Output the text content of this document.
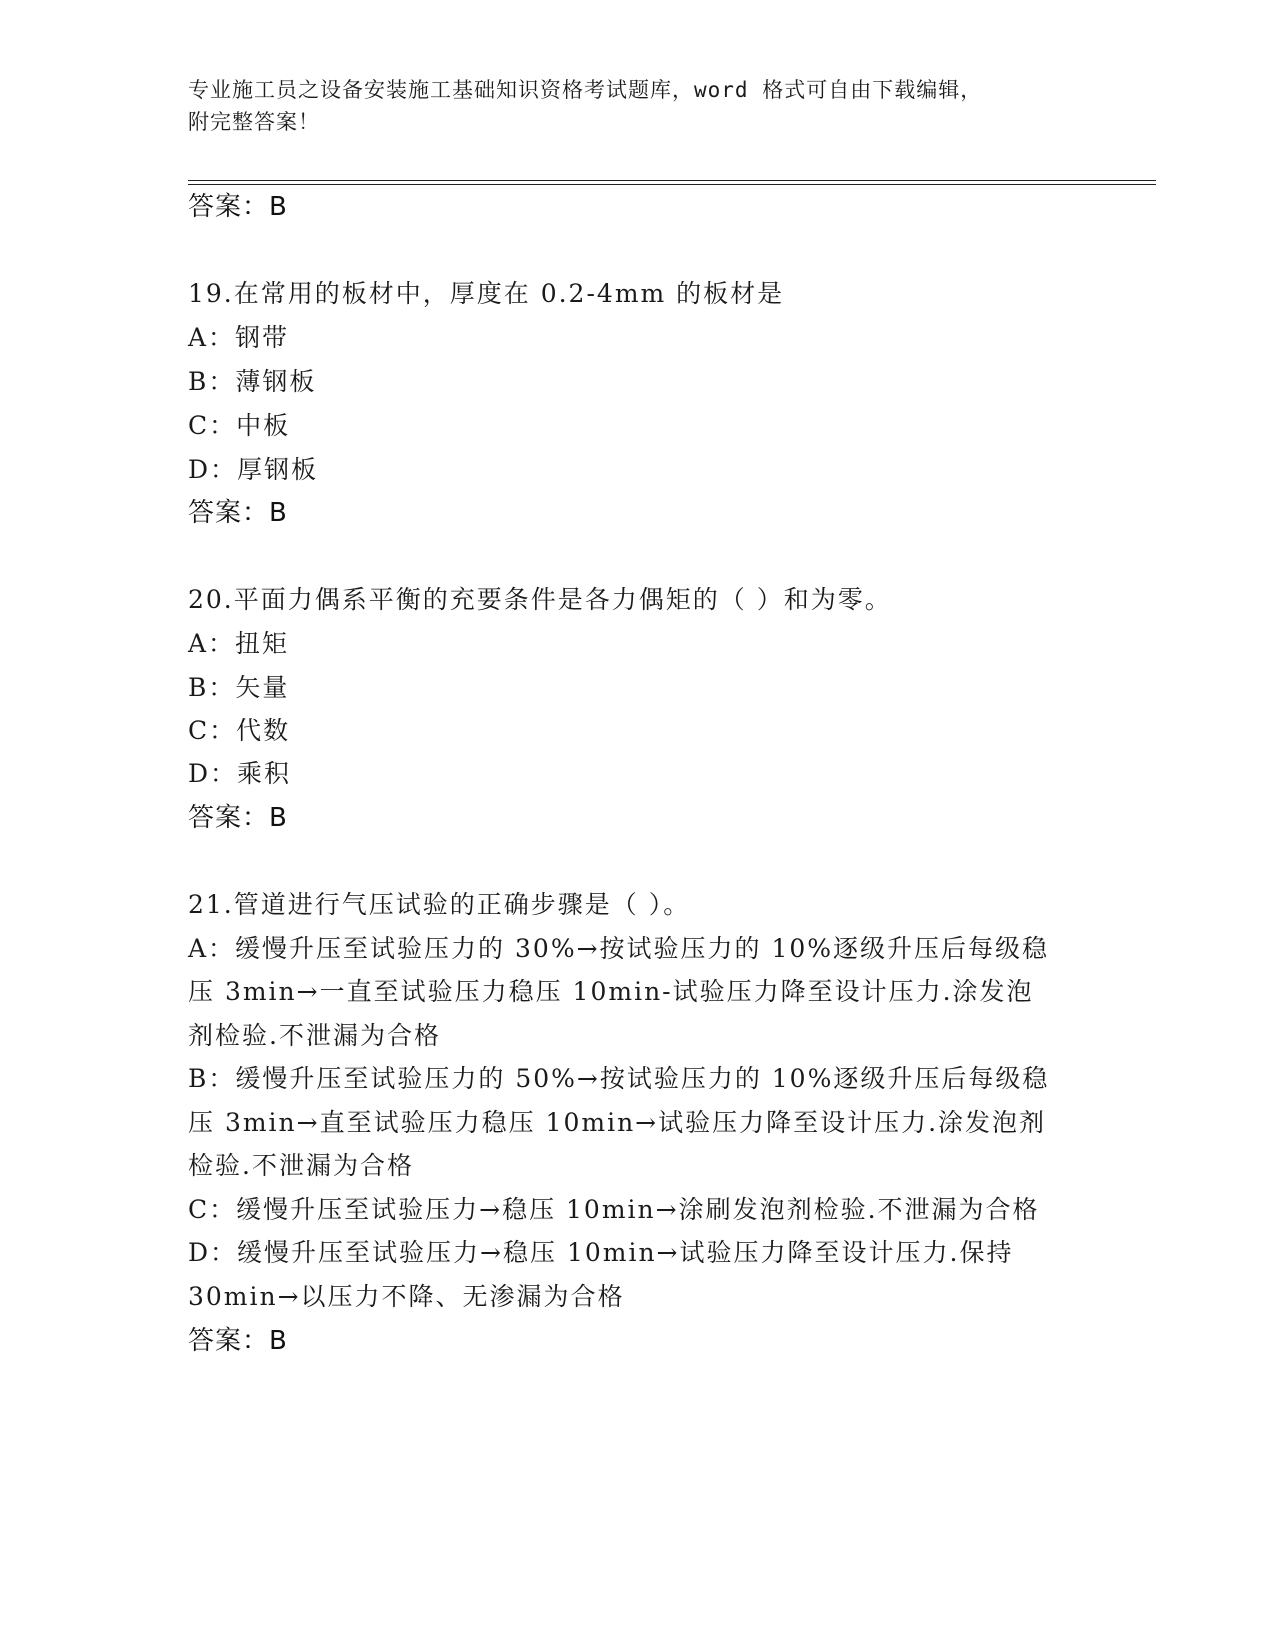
专业施工员之设备安装施工基础知识资格考试题库，word 格式可自由下载编辑，
附完整答案！
答案：B
19.在常用的板材中，厚度在 0.2-4mm 的板材是
A：钢带
B：薄钢板
C：中板
D：厚钢板
答案：B
20.平面力偶系平衡的充要条件是各力偶矩的（ ）和为零。
A：扭矩
B：矢量
C：代数
D：乘积
答案：B
21.管道进行气压试验的正确步骤是（ ）。
A：缓慢升压至试验压力的 30%→按试验压力的 10%逐级升压后每级稳
压 3min→一直至试验压力稳压 10min-试验压力降至设计压力.涂发泡
剂检验.不泄漏为合格
B：缓慢升压至试验压力的 50%→按试验压力的 10%逐级升压后每级稳
压 3min→直至试验压力稳压 10min→试验压力降至设计压力.涂发泡剂
检验.不泄漏为合格
C：缓慢升压至试验压力→稳压 10min→涂刷发泡剂检验.不泄漏为合格
D：缓慢升压至试验压力→稳压 10min→试验压力降至设计压力.保持
30min→以压力不降、无渗漏为合格
答案：B
